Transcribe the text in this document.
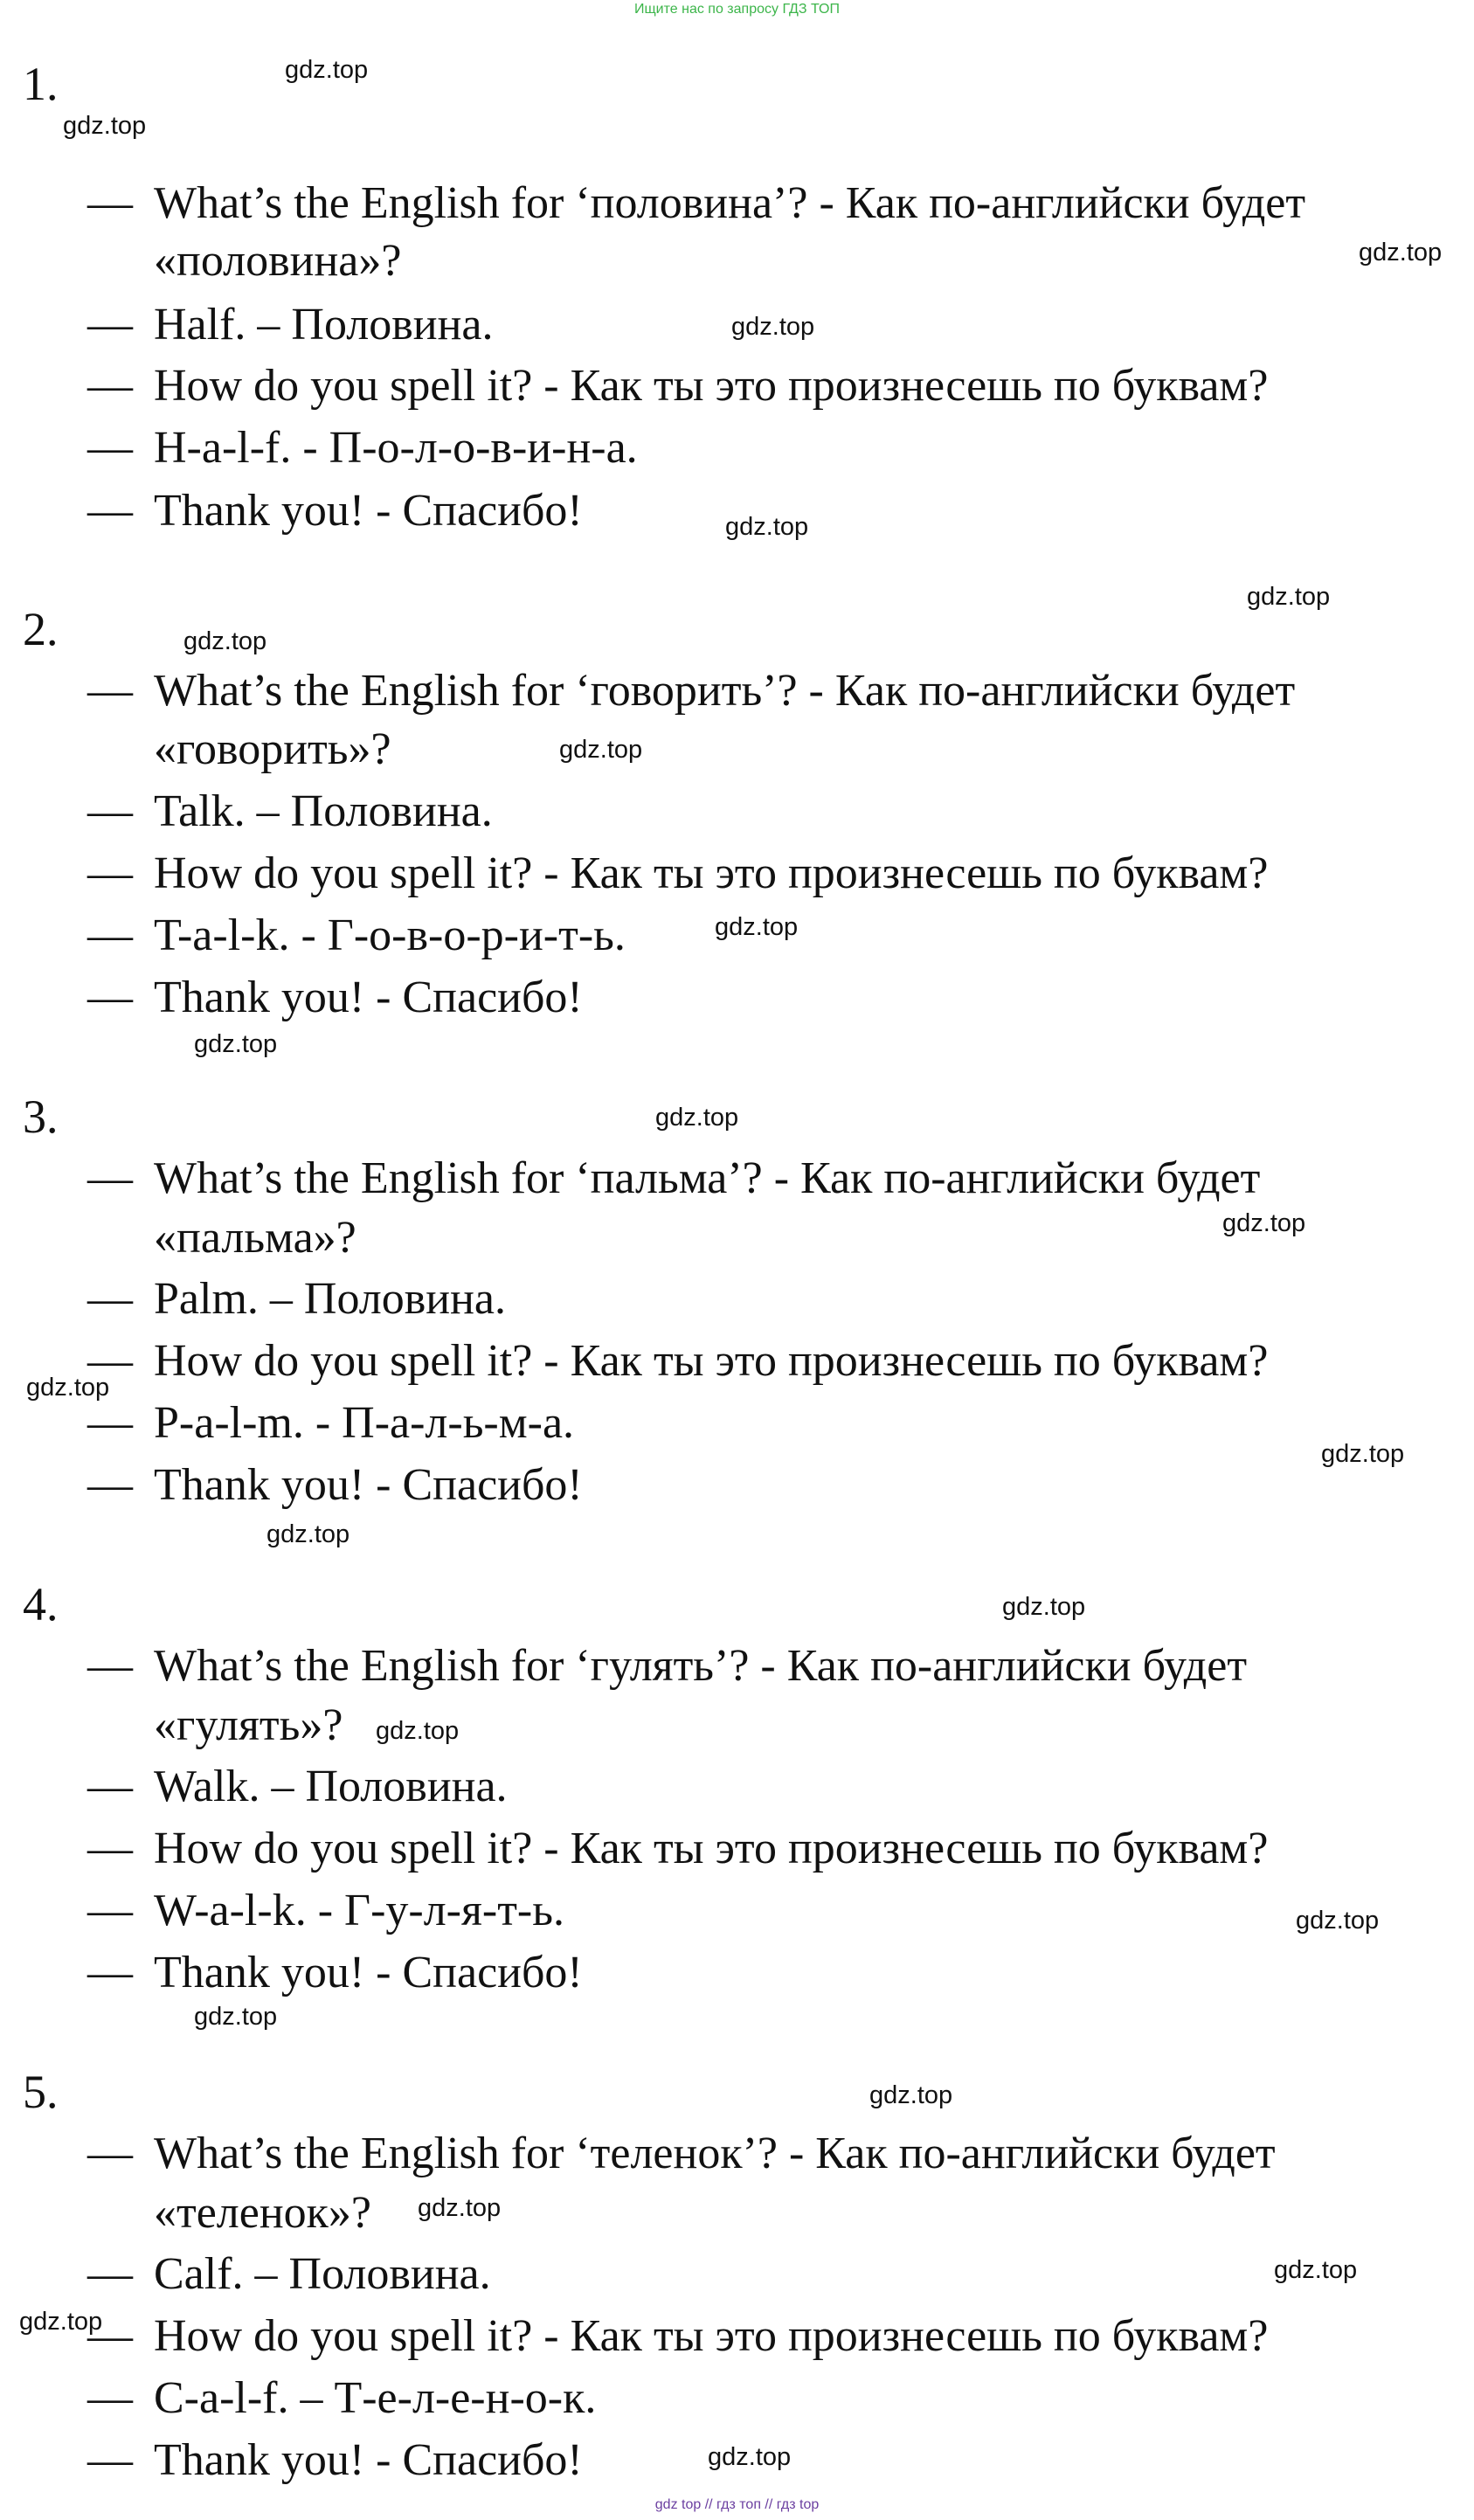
Ищите нас по запросу ГДЗ ТОП
1.
— What’s the English for ‘половина’? - Как по-английски будет
«половина»?
— Half. – Половина.
— How do you spell it? - Как ты это произнесешь по буквам?
— H-a-l-f. - П-о-л-о-в-и-н-а.
— Thank you! - Спасибо!
2.
— What’s the English for ‘говорить’? - Как по-английски будет
«говорить»?
— Talk. – Половина.
— How do you spell it? - Как ты это произнесешь по буквам?
— T-a-l-k. - Г-о-в-о-р-и-т-ь.
— Thank you! - Спасибо!
3.
— What’s the English for ‘пальма’? - Как по-английски будет
«пальма»?
— Palm. – Половина.
— How do you spell it? - Как ты это произнесешь по буквам?
— P-a-l-m. - П-а-л-ь-м-а.
— Thank you! - Спасибо!
4.
— What’s the English for ‘гулять’? - Как по-английски будет
«гулять»?
— Walk. – Половина.
— How do you spell it? - Как ты это произнесешь по буквам?
— W-a-l-k. - Г-у-л-я-т-ь.
— Thank you! - Спасибо!
5.
— What’s the English for ‘теленок’? - Как по-английски будет
«теленок»?
— Calf. – Половина.
— How do you spell it? - Как ты это произнесешь по буквам?
— C-a-l-f. – Т-е-л-е-н-о-к.
— Thank you! - Спасибо!
gdz.top
gdz.top
gdz.top
gdz.top
gdz.top
gdz.top
gdz.top
gdz.top
gdz.top
gdz.top
gdz.top
gdz.top
gdz.top
gdz.top
gdz.top
gdz.top
gdz.top
gdz.top
gdz.top
gdz.top
gdz.top
gdz.top
gdz.top
gdz.top
gdz top // гдз топ // гдз top
